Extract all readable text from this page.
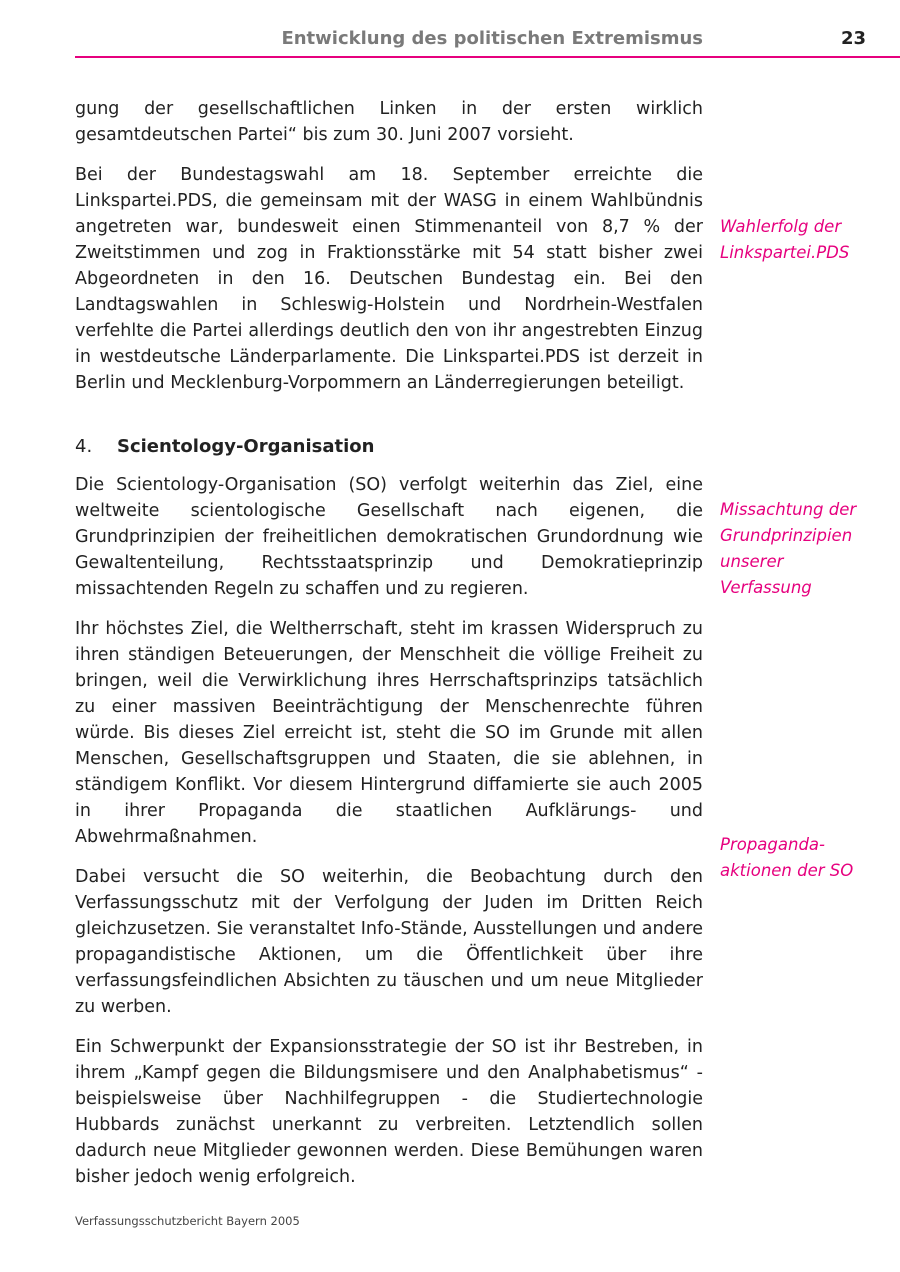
Entwicklung des politischen Extremismus	23

gung der gesellschaftlichen Linken in der ersten wirklich gesamtdeutschen Partei“ bis zum 30. Juni 2007 vorsieht.

Bei der Bundestagswahl am 18. September erreichte die Linkspartei.PDS, die gemeinsam mit der WASG in einem Wahlbündnis angetreten war, bundesweit einen Stimmenanteil von 8,7 % der Zweitstimmen und zog in Fraktionsstärke mit 54 statt bisher zwei Abgeordneten in den 16. Deutschen Bundestag ein. Bei den Landtagswahlen in Schleswig-Holstein und Nordrhein-Westfalen verfehlte die Partei allerdings deutlich den von ihr angestrebten Einzug in westdeutsche Länderparlamente. Die Linkspartei.PDS ist derzeit in Berlin und Mecklenburg-Vorpommern an Länderregierungen beteiligt.

4. Scientology-Organisation

Die Scientology-Organisation (SO) verfolgt weiterhin das Ziel, eine weltweite scientologische Gesellschaft nach eigenen, die Grundprinzipien der freiheitlichen demokratischen Grundordnung wie Gewaltenteilung, Rechtsstaatsprinzip und Demokratieprinzip missachtenden Regeln zu schaffen und zu regieren.

Ihr höchstes Ziel, die Weltherrschaft, steht im krassen Widerspruch zu ihren ständigen Beteuerungen, der Menschheit die völlige Freiheit zu bringen, weil die Verwirklichung ihres Herrschaftsprinzips tatsächlich zu einer massiven Beeinträchtigung der Menschenrechte führen würde. Bis dieses Ziel erreicht ist, steht die SO im Grunde mit allen Menschen, Gesellschaftsgruppen und Staaten, die sie ablehnen, in ständigem Konflikt. Vor diesem Hintergrund diffamierte sie auch 2005 in ihrer Propaganda die staatlichen Aufklärungs- und Abwehrmaßnahmen.

Dabei versucht die SO weiterhin, die Beobachtung durch den Verfassungsschutz mit der Verfolgung der Juden im Dritten Reich gleichzusetzen. Sie veranstaltet Info-Stände, Ausstellungen und andere propagandistische Aktionen, um die Öffentlichkeit über ihre verfassungsfeindlichen Absichten zu täuschen und um neue Mitglieder zu werben.

Ein Schwerpunkt der Expansionsstrategie der SO ist ihr Bestreben, in ihrem „Kampf gegen die Bildungsmisere und den Analphabetismus“ - beispielsweise über Nachhilfegruppen - die Studiertechnologie Hubbards zunächst unerkannt zu verbreiten. Letztendlich sollen dadurch neue Mitglieder gewonnen werden. Diese Bemühungen waren bisher jedoch wenig erfolgreich.

Wahlerfolg der Linkspartei.PDS
Missachtung der Grundprinzipien unserer Verfassung
Propaganda-aktionen der SO
Verfassungsschutzbericht Bayern 2005
